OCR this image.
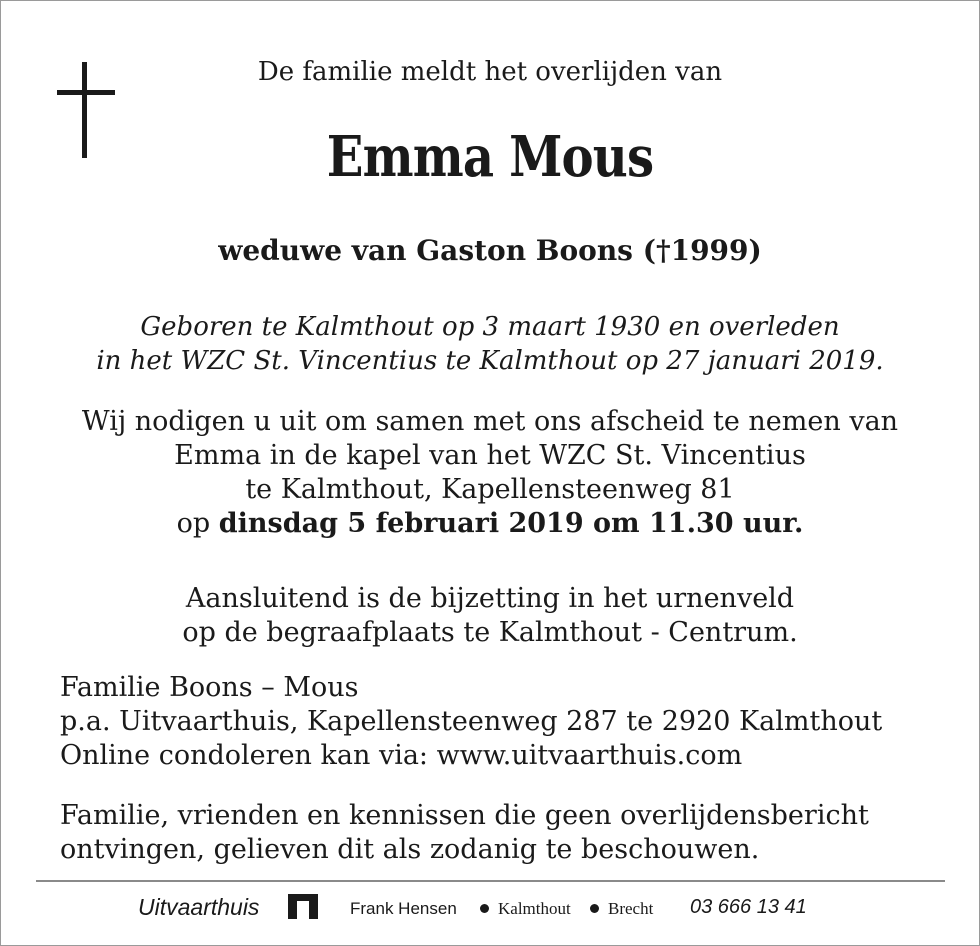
De familie meldt het overlijden van
Emma Mous
weduwe van Gaston Boons (†1999)
Geboren te Kalmthout op 3 maart 1930 en overleden
in het WZC St. Vincentius te Kalmthout op 27 januari 2019.
Wij nodigen u uit om samen met ons afscheid te nemen van
Emma in de kapel van het WZC St. Vincentius
te Kalmthout, Kapellensteenweg 81
op dinsdag 5 februari 2019 om 11.30 uur.
Aansluitend is de bijzetting in het urnenveld
op de begraafplaats te Kalmthout - Centrum.
Familie Boons – Mous
p.a. Uitvaarthuis, Kapellensteenweg 287 te 2920 Kalmthout
Online condoleren kan via: www.uitvaarthuis.com
Familie, vrienden en kennissen die geen overlijdensbericht
ontvingen, gelieven dit als zodanig te beschouwen.
Uitvaarthuis	Frank Hensen Kalmthout Brecht 03 666 13 41
